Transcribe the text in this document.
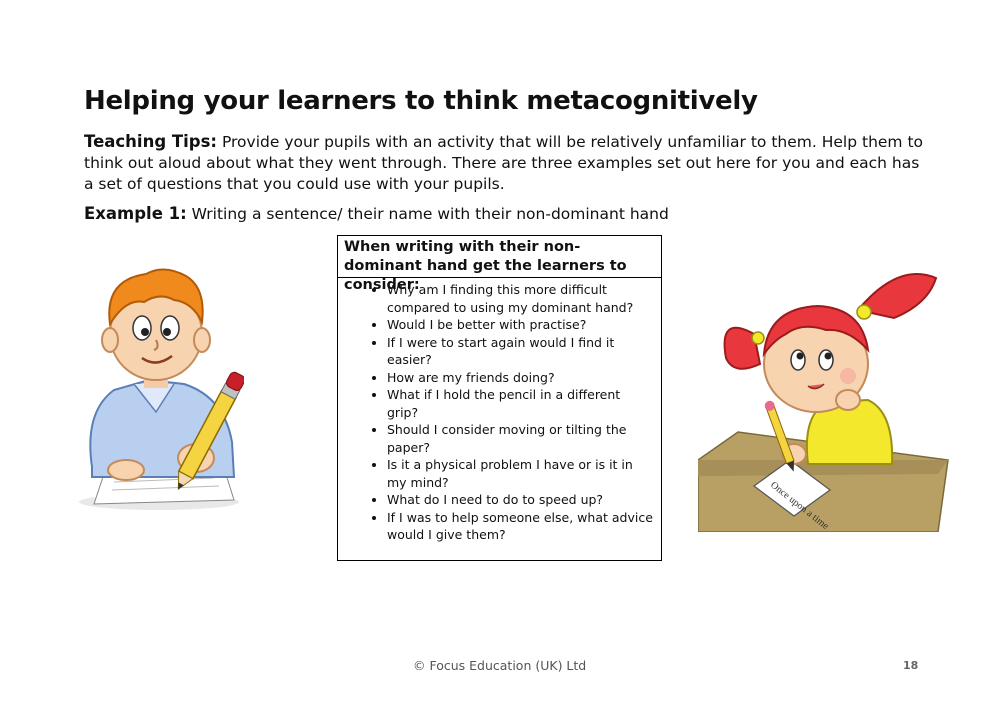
Helping your learners to think metacognitively
Teaching Tips: Provide your pupils with an activity that will be relatively unfamiliar to them. Help them to think out aloud about what they went through. There are three examples set out here for you and each has a set of questions that you could use with your pupils.
Example 1: Writing a sentence/ their name with their non-dominant hand
When writing with their non-dominant hand get the learners to consider:
• Why am I finding this more difficult compared to using my dominant hand?
• Would I be better with practise?
• If I were to start again would I find it easier?
• How are my friends doing?
• What if I hold the pencil in a different grip?
• Should I consider moving or tilting the paper?
• Is it a physical problem I have or is it in my mind?
• What do I need to do to speed up?
• If I was to help someone else, what advice would I give them?
Once upon a time
© Focus Education (UK) Ltd	18
